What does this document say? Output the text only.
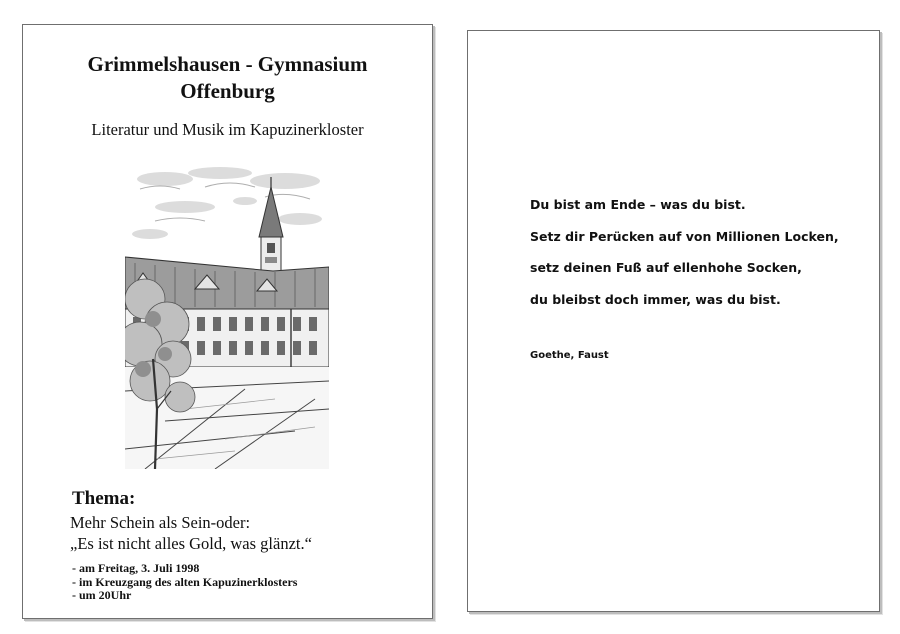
Grimmelshausen - Gymnasium
Offenburg
Literatur und Musik im Kapuzinerkloster
Thema:
Mehr Schein als Sein-oder:
„Es ist nicht alles Gold, was glänzt.“
- am Freitag, 3. Juli 1998
- im Kreuzgang des alten Kapuzinerklosters
- um 20Uhr
Du bist am Ende – was du bist.
Setz dir Perücken auf von Millionen Locken,
setz deinen Fuß auf ellenhohe Socken,
du bleibst doch immer, was du bist.
Goethe, Faust
